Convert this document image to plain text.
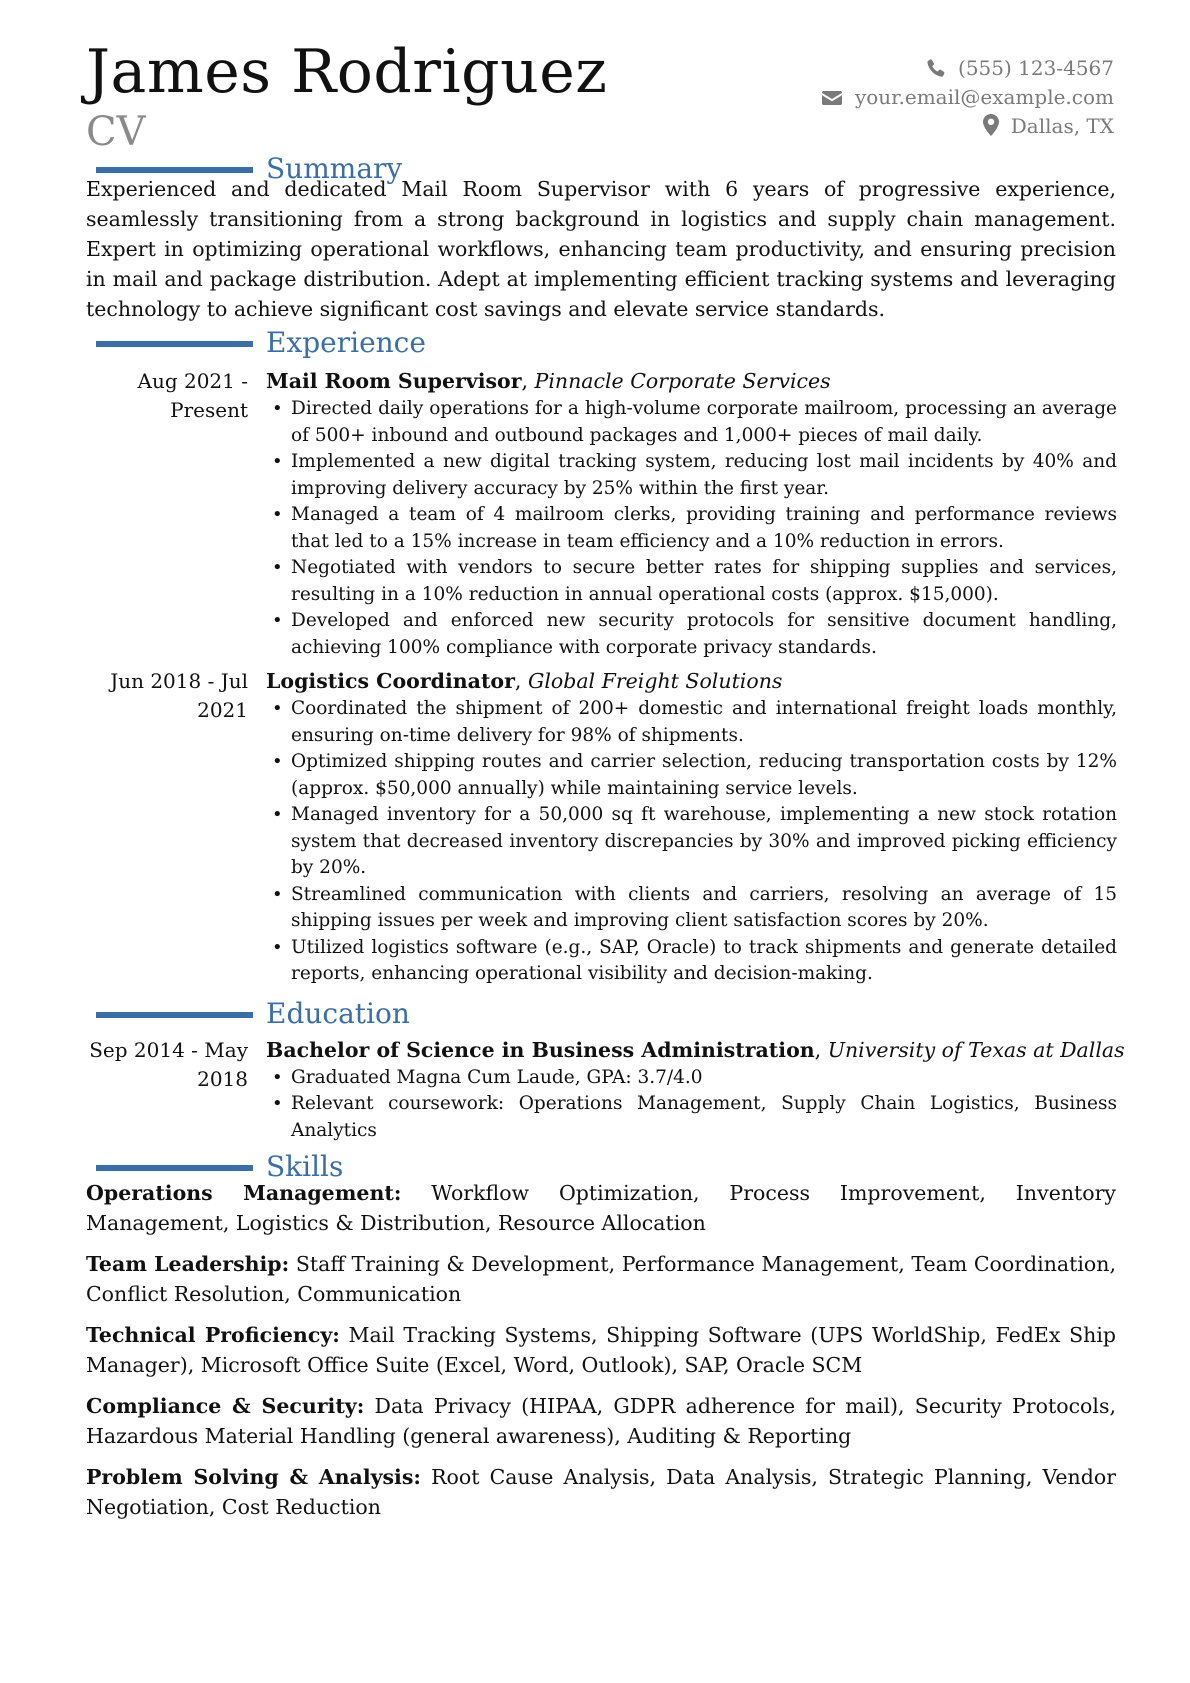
James Rodriguez
CV
(555) 123-4567
your.email@example.com
Dallas, TX
Summary
Experienced and dedicated Mail Room Supervisor with 6 years of progressive experience, seamlessly transitioning from a strong background in logistics and supply chain management. Expert in optimizing operational workflows, enhancing team productivity, and ensuring precision in mail and package distribution. Adept at implementing efficient tracking systems and leveraging technology to achieve significant cost savings and elevate service standards.
Experience
Aug 2021 - Present
Mail Room Supervisor, Pinnacle Corporate Services
• Directed daily operations for a high-volume corporate mailroom, processing an average of 500+ inbound and outbound packages and 1,000+ pieces of mail daily.
• Implemented a new digital tracking system, reducing lost mail incidents by 40% and improving delivery accuracy by 25% within the first year.
• Managed a team of 4 mailroom clerks, providing training and performance reviews that led to a 15% increase in team efficiency and a 10% reduction in errors.
• Negotiated with vendors to secure better rates for shipping supplies and services, resulting in a 10% reduction in annual operational costs (approx. $15,000).
• Developed and enforced new security protocols for sensitive document handling, achieving 100% compliance with corporate privacy standards.
Jun 2018 - Jul 2021
Logistics Coordinator, Global Freight Solutions
• Coordinated the shipment of 200+ domestic and international freight loads monthly, ensuring on-time delivery for 98% of shipments.
• Optimized shipping routes and carrier selection, reducing transportation costs by 12% (approx. $50,000 annually) while maintaining service levels.
• Managed inventory for a 50,000 sq ft warehouse, implementing a new stock rotation system that decreased inventory discrepancies by 30% and improved picking efficiency by 20%.
• Streamlined communication with clients and carriers, resolving an average of 15 shipping issues per week and improving client satisfaction scores by 20%.
• Utilized logistics software (e.g., SAP, Oracle) to track shipments and generate detailed reports, enhancing operational visibility and decision-making.
Education
Sep 2014 - May 2018
Bachelor of Science in Business Administration, University of Texas at Dallas
• Graduated Magna Cum Laude, GPA: 3.7/4.0
• Relevant coursework: Operations Management, Supply Chain Logistics, Business Analytics
Skills
Operations Management: Workflow Optimization, Process Improvement, Inventory Management, Logistics & Distribution, Resource Allocation
Team Leadership: Staff Training & Development, Performance Management, Team Coordination, Conflict Resolution, Communication
Technical Proficiency: Mail Tracking Systems, Shipping Software (UPS WorldShip, FedEx Ship Manager), Microsoft Office Suite (Excel, Word, Outlook), SAP, Oracle SCM
Compliance & Security: Data Privacy (HIPAA, GDPR adherence for mail), Security Protocols, Hazardous Material Handling (general awareness), Auditing & Reporting
Problem Solving & Analysis: Root Cause Analysis, Data Analysis, Strategic Planning, Vendor Negotiation, Cost Reduction
